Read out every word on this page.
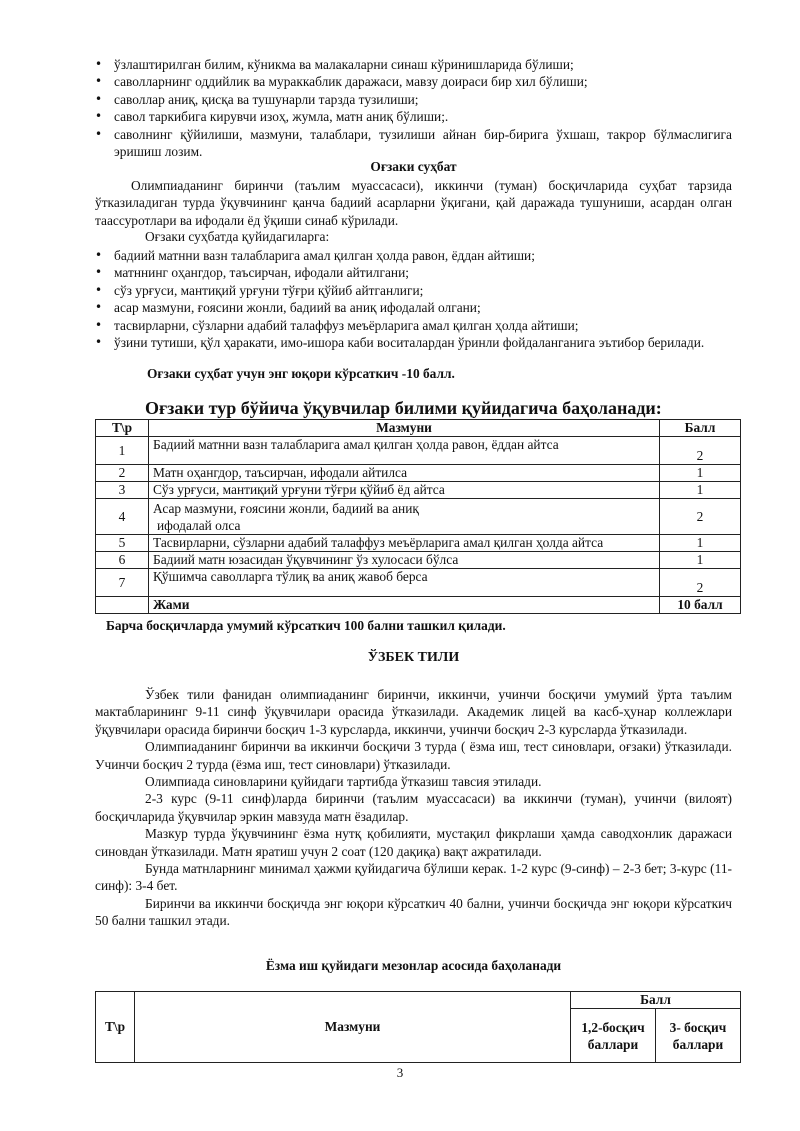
• ўзлаштирилган билим, кўникма ва малакаларни синаш кўринишларида бўлиши;
• саволларнинг оддийлик ва мураккаблик даражаси, мавзу доираси бир хил бўлиши;
• саволлар аниқ, қисқа ва тушунарли тарзда тузилиши;
• савол таркибига кирувчи изоҳ, жумла, матн аниқ бўлиши;.
• саволнинг қўйилиши, мазмуни, талаблари, тузилиши айнан бир-бирига ўхшаш, такрор бўлмаслигига эришиш лозим.
Оғзаки суҳбат
Олимпиаданинг биринчи (таълим муассасаси), иккинчи (туман) босқичларида суҳбат тарзида ўтказиладиган турда ўқувчининг қанча бадиий асарларни ўқигани, қай даражада тушуниши, асардан олган таассуротлари ва ифодали ёд ўқиши синаб кўрилади.
Оғзаки суҳбатда қуйидагиларга:
• бадиий матнни вазн талабларига амал қилган ҳолда равон, ёддан айтиши;
• матннинг оҳангдор, таъсирчан, ифодали айтилгани;
• сўз урғуси, мантиқий урғуни тўғри қўйиб айтганлиги;
• асар мазмуни, ғоясини жонли, бадиий ва аниқ ифодалай олгани;
• тасвирларни, сўзларни адабий талаффуз меъёрларига амал қилган ҳолда айтиши;
• ўзини тутиши, қўл ҳаракати, имо-ишора каби воситалардан ўринли фойдаланганига эътибор берилади.
Оғзаки суҳбат учун энг юқори кўрсаткич -10 балл.
Оғзаки тур бўйича ўқувчилар билими қуйидагича баҳоланади:
Т\р	Мазмуни	Балл
1	Бадиий матнни вазн талабларига амал қилган ҳолда равон, ёддан айтса	2
2	Матн оҳангдор, таъсирчан, ифодали айтилса	1
3	Сўз урғуси, мантиқий урғуни тўғри қўйиб ёд айтса	1
4	Асар мазмуни, ғоясини жонли, бадиий ва аниқ
ифодалай олса	2
5	Тасвирларни, сўзларни адабий талаффуз меъёрларига амал қилган ҳолда айтса	1
6	Бадиий матн юзасидан ўқувчининг ўз хулосаси бўлса	1
7	Қўшимча саволларга тўлиқ ва аниқ жавоб берса	2
	Жами	10 балл
Барча босқичларда умумий кўрсаткич 100 бални ташкил қилади.
ЎЗБЕК ТИЛИ
Ўзбек тили фанидан олимпиаданинг биринчи, иккинчи, учинчи босқичи умумий ўрта таълим мактабларининг 9-11 синф ўқувчилари орасида ўтказилади. Академик лицей ва касб-ҳунар коллежлари ўқувчилари орасида биринчи босқич 1-3 курсларда, иккинчи, учинчи босқич 2-3 курсларда ўтказилади.
Олимпиаданинг биринчи ва иккинчи босқичи 3 турда ( ёзма иш, тест синовлари, оғзаки) ўтказилади. Учинчи босқич 2 турда (ёзма иш, тест синовлари) ўтказилади.
Олимпиада синовларини қуйидаги тартибда ўтказиш тавсия этилади.
2-3 курс (9-11 синф)ларда биринчи (таълим муассасаси) ва иккинчи (туман), учинчи (вилоят) босқичларида ўқувчилар эркин мавзуда матн ёзадилар.
Мазкур турда ўқувчининг ёзма нутқ қобилияти, мустақил фикрлаши ҳамда саводхонлик даражаси синовдан ўтказилади. Матн яратиш учун 2 соат (120 дақиқа) вақт ажратилади.
Бунда матнларнинг минимал ҳажми қуйидагича бўлиши керак. 1-2 курс (9-синф) – 2-3 бет; 3-курс (11-синф): 3-4 бет.
Биринчи ва иккинчи босқичда энг юқори кўрсаткич 40 бални, учинчи босқичда энг юқори кўрсаткич 50 бални ташкил этади.
Ёзма иш қуйидаги мезонлар асосида баҳоланади
Т\р	Мазмуни	Балл	
		1,2-босқич баллари	3- босқич баллари
3
